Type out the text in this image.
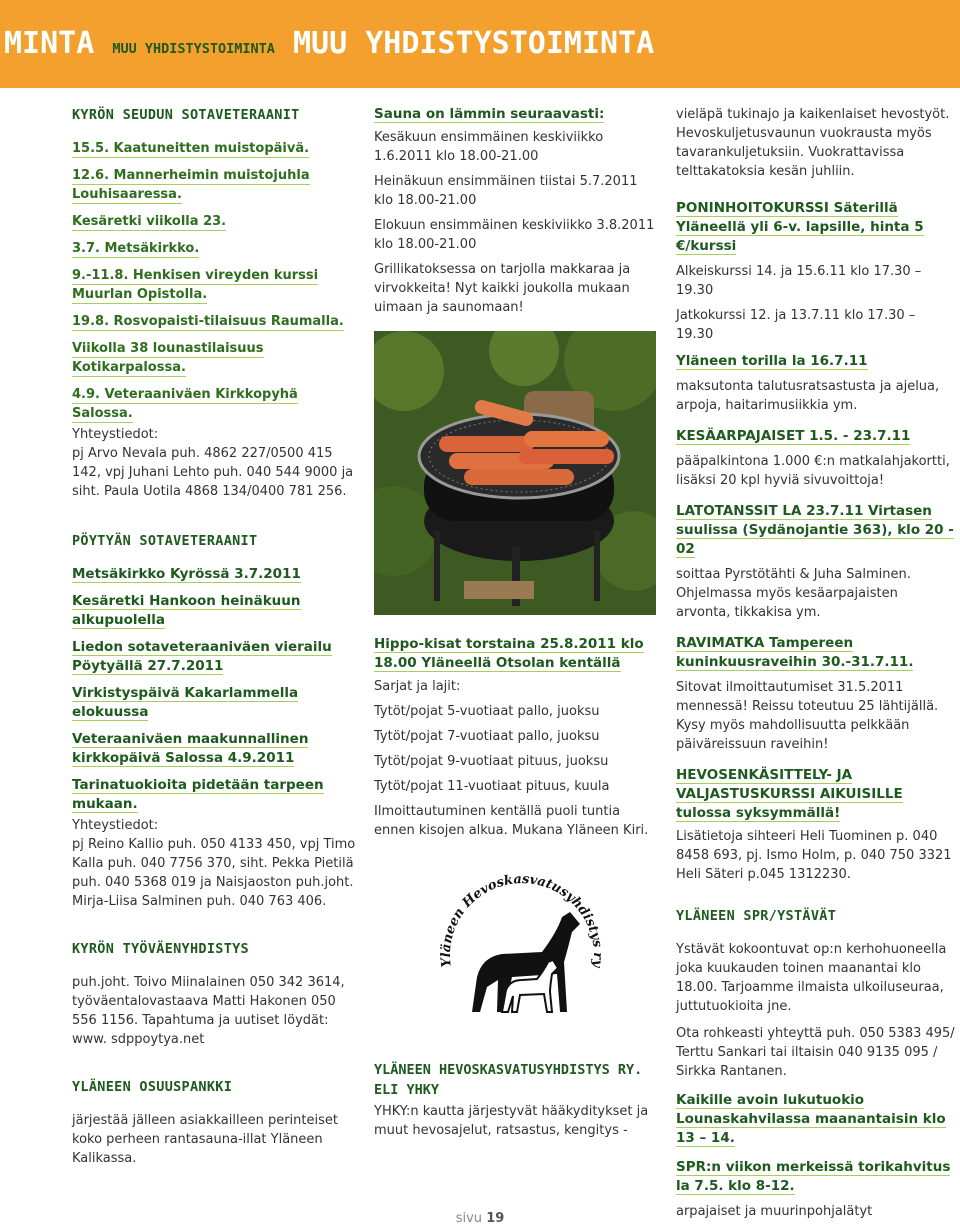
MINTA MUU YHDISTYSTOIMINTA MUU YHDISTYSTOIMINTA

KYRÖN SEUDUN SOTAVETERAANIT

15.5. Kaatuneitten muistopäivä.

12.6. Mannerheimin muistojuhla Louhisaaressa.

Kesäretki viikolla 23.

3.7. Metsäkirkko.

9.-11.8. Henkisen vireyden kurssi Muurlan Opistolla.

19.8. Rosvopaisti-tilaisuus Raumalla.

Viikolla 38 lounastilaisuus Kotikarpalossa.

4.9. Veteraaniväen Kirkkopyhä Salossa.

Yhteystiedot:

pj Arvo Nevala puh. 4862 227/0500 415 142, vpj Juhani Lehto puh. 040 544 9000 ja siht. Paula Uotila 4868 134/0400 781 256.

PÖYTYÄN SOTAVETERAANIT

Metsäkirkko Kyrössä 3.7.2011

Kesäretki Hankoon heinäkuun alkupuolella

Liedon sotaveteraaniväen vierailu Pöytyällä 27.7.2011

Virkistyspäivä Kakarlammella elokuussa

Veteraaniväen maakunnallinen kirkkopäivä Salossa 4.9.2011

Tarinatuokioita pidetään tarpeen mukaan.

Yhteystiedot:

pj Reino Kallio puh. 050 4133 450, vpj Timo Kalla puh. 040 7756 370, siht. Pekka Pietilä puh. 040 5368 019 ja Naisjaoston puh.joht. Mirja-Liisa Salminen puh. 040 763 406.

KYRÖN TYÖVÄENYHDISTYS

puh.joht. Toivo Miinalainen 050 342 3614, työväentalovastaava Matti Hakonen 050 556 1156. Tapahtuma ja uutiset löydät: www. sdppoytya.net

YLÄNEEN OSUUSPANKKI

järjestää jälleen asiakkailleen perinteiset koko perheen rantasauna-illat Yläneen Kalikassa.

Sauna on lämmin seuraavasti:

Kesäkuun ensimmäinen keskiviikko 1.6.2011 klo 18.00-21.00

Heinäkuun ensimmäinen tiistai 5.7.2011 klo 18.00-21.00

Elokuun ensimmäinen keskiviikko 3.8.2011 klo 18.00-21.00

Grillikatoksessa on tarjolla makkaraa ja virvokkeita! Nyt kaikki joukolla mukaan uimaan ja saunomaan!

Hippo-kisat torstaina 25.8.2011 klo 18.00 Yläneellä Otsolan kentällä

Sarjat ja lajit:

Tytöt/pojat 5-vuotiaat pallo, juoksu

Tytöt/pojat 7-vuotiaat pallo, juoksu

Tytöt/pojat 9-vuotiaat pituus, juoksu

Tytöt/pojat 11-vuotiaat pituus, kuula

Ilmoittautuminen kentällä puoli tuntia ennen kisojen alkua. Mukana Yläneen Kiri.

Yläneen Hevoskasvatusyhdistys ry

YLÄNEEN HEVOSKASVATUSYHDISTYS RY. ELI YHKY

YHKY:n kautta järjestyvät hääkyditykset ja muut hevosajelut, ratsastus, kengitys -

vieläpä tukinajo ja kaikenlaiset hevostyöt. Hevoskuljetusvaunun vuokrausta myös tavarankuljetuksiin. Vuokrattavissa telttakatoksia kesän juhliin.

PONINHOITOKURSSI Säterillä Yläneellä yli 6-v. lapsille, hinta 5 €/kurssi

Alkeiskurssi 14. ja 15.6.11 klo 17.30 – 19.30

Jatkokurssi 12. ja 13.7.11 klo 17.30 – 19.30

Yläneen torilla la 16.7.11

maksutonta talutusratsastusta ja ajelua, arpoja, haitarimusiikkia ym.

KESÄARPAJAISET 1.5. - 23.7.11

pääpalkintona 1.000 €:n matkalahjakortti, lisäksi 20 kpl hyviä sivuvoittoja!

LATOTANSSIT LA 23.7.11 Virtasen suulissa (Sydänojantie 363), klo 20 - 02

soittaa Pyrstötähti & Juha Salminen. Ohjelmassa myös kesäarpajaisten arvonta, tikkakisa ym.

RAVIMATKA Tampereen kuninkuusraveihin 30.-31.7.11.

Sitovat ilmoittautumiset 31.5.2011 mennessä! Reissu toteutuu 25 lähtijällä. Kysy myös mahdollisuutta pelkkään päiväreissuun raveihin!

HEVOSENKÄSITTELY- JA VALJASTUSKURSSI AIKUISILLE tulossa syksymmällä!

Lisätietoja sihteeri Heli Tuominen p. 040 8458 693, pj. Ismo Holm, p. 040 750 3321 Heli Säteri p.045 1312230.

YLÄNEEN SPR/YSTÄVÄT

Ystävät kokoontuvat op:n kerhohuoneella joka kuukauden toinen maanantai klo 18.00. Tarjoamme ilmaista ulkoiluseuraa, juttutuokioita jne.

Ota rohkeasti yhteyttä puh. 050 5383 495/ Terttu Sankari tai iltaisin 040 9135 095 / Sirkka Rantanen.

Kaikille avoin lukutuokio Lounaskahvilassa maanantaisin klo 13 – 14.

SPR:n viikon merkeissä torikahvitus la 7.5. klo 8-12.

arpajaiset ja muurinpohjalätyt

sivu 19
